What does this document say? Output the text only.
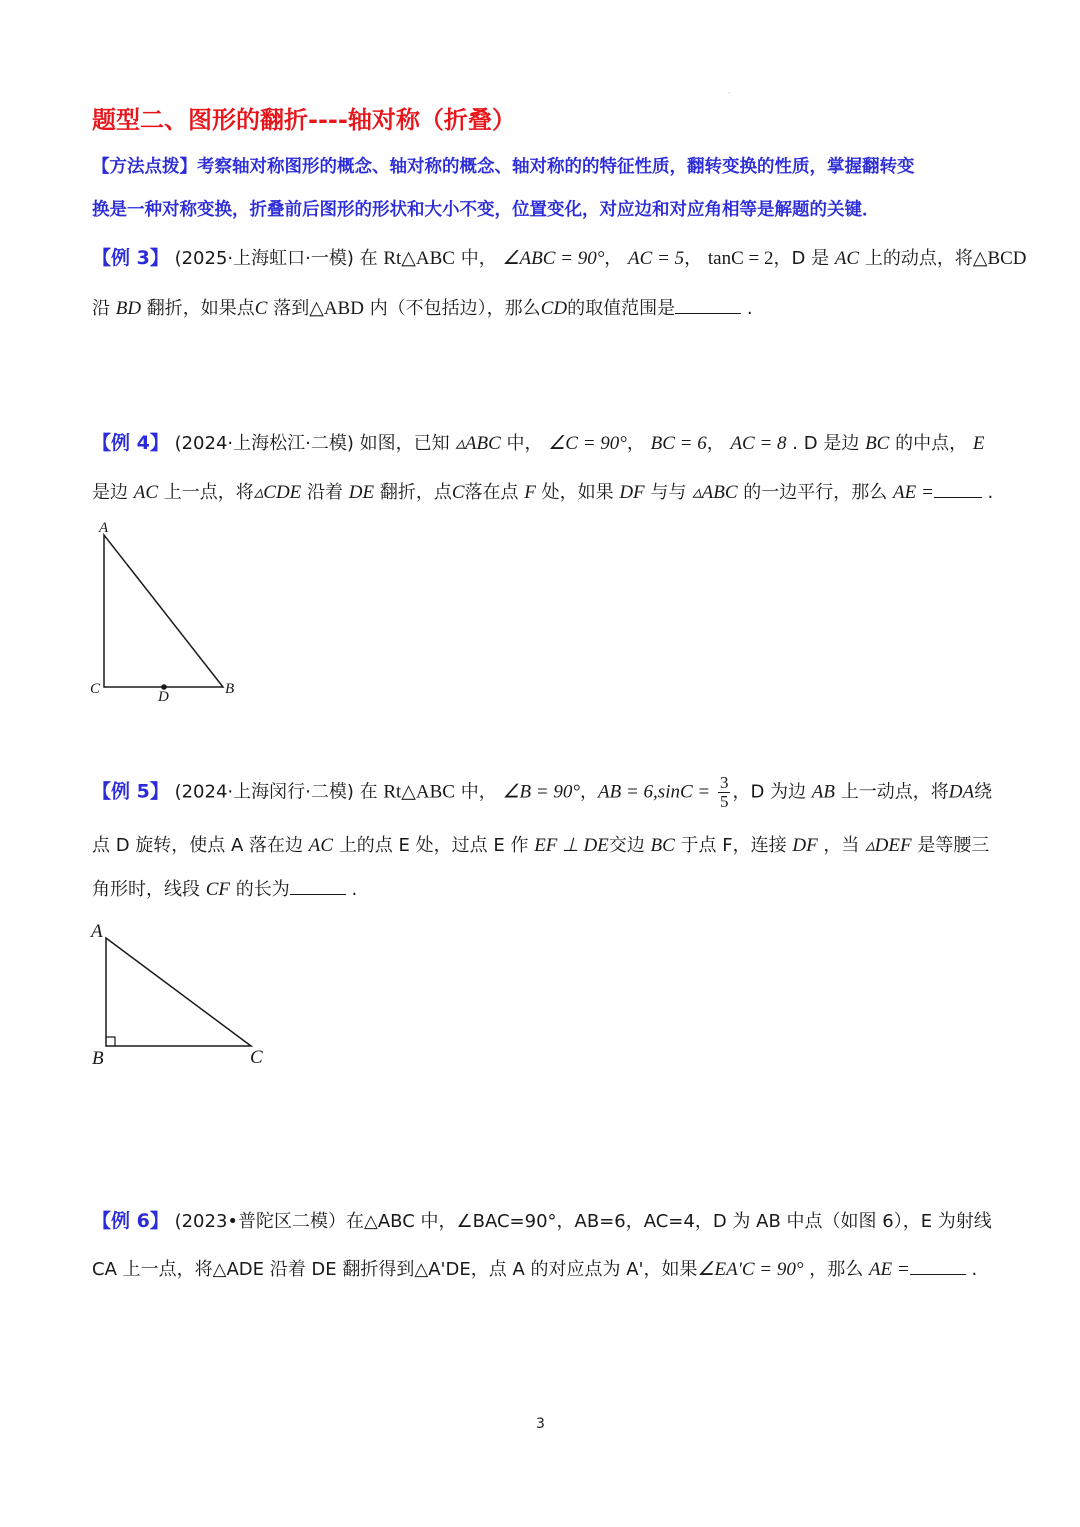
.
题型二、图形的翻折----轴对称（折叠）
【方法点拨】考察轴对称图形的概念、轴对称的概念、轴对称的的特征性质，翻转变换的性质，掌握翻转变
换是一种对称变换，折叠前后图形的形状和大小不变，位置变化，对应边和对应角相等是解题的关键．
【例 3】 (2025·上海虹口·一模) 在 Rt△ABC 中， ∠ABC = 90°， AC = 5， tanC = 2，D 是 AC 上的动点，将△BCD
沿 BD 翻折，如果点C 落到△ABD 内（不包括边），那么CD的取值范围是	.
【例 4】 (2024·上海松江·二模) 如图，已知 ▵ABC 中， ∠C = 90°， BC = 6， AC = 8 . D 是边 BC 的中点， E
是边 AC 上一点，将▵CDE 沿着 DE 翻折，点C落在点 F 处，如果 DF 与与 ▵ABC 的一边平行，那么 AE =	.
A
C	B
D
A
B	C
【例 5】 (2024·上海闵行·二模) 在 Rt△ABC 中， ∠B = 90°，AB = $6,\sin C = \frac{3}{5}$ ，D 为边 AB 上一动点，将DA绕
点 D 旋转，使点 A 落在边 AC 上的点 E 处，过点 E 作 EF ⊥ DE交边 BC 于点 F，连接 DF ，当 ▵DEF 是等腰三
角形时，线段 CF 的长为	.
【例 6】 (2023•普陀区二模）在△ABC 中，∠BAC=90°，AB=6，AC=4，D 为 AB 中点（如图 6），E 为射线
CA 上一点，将△ADE 沿着 DE 翻折得到△A'DE，点 A 的对应点为 A'，如果∠EA′C = 90° ，那么 AE =	.
3
